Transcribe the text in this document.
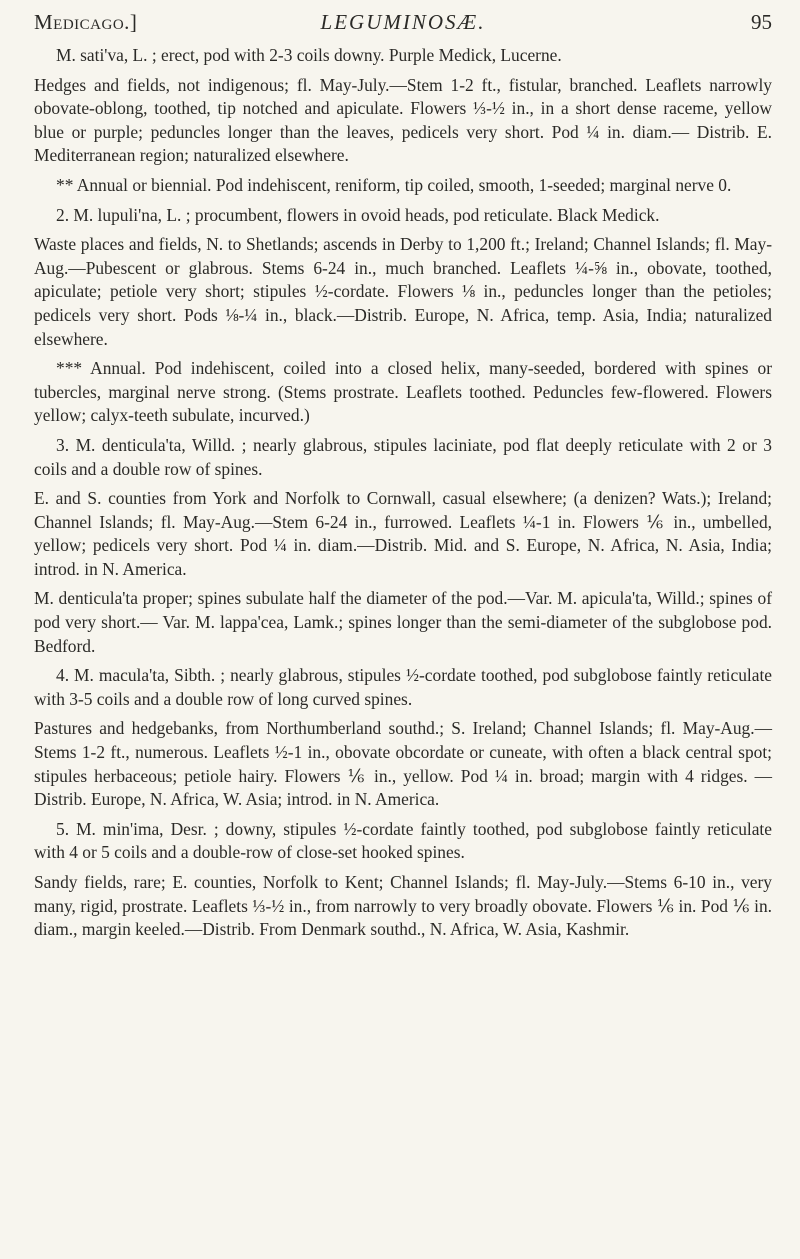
Medicago.]	LEGUMINOSÆ.	95

M. sati'va, L. ; erect, pod with 2-3 coils downy. Purple Medick, Lucerne.

Hedges and fields, not indigenous; fl. May-July.—Stem 1-2 ft., fistular, branched. Leaflets narrowly obovate-oblong, toothed, tip notched and apiculate. Flowers ⅓-½ in., in a short dense raceme, yellow blue or purple; peduncles longer than the leaves, pedicels very short. Pod ¼ in. diam.— Distrib. E. Mediterranean region; naturalized elsewhere.

** Annual or biennial. Pod indehiscent, reniform, tip coiled, smooth, 1-seeded; marginal nerve 0.

2. M. lupuli'na, L. ; procumbent, flowers in ovoid heads, pod reticulate. Black Medick.

Waste places and fields, N. to Shetlands; ascends in Derby to 1,200 ft.; Ireland; Channel Islands; fl. May-Aug.—Pubescent or glabrous. Stems 6-24 in., much branched. Leaflets ¼-⅝ in., obovate, toothed, apiculate; petiole very short; stipules ½-cordate. Flowers ⅛ in., peduncles longer than the petioles; pedicels very short. Pods ⅛-¼ in., black.—Distrib. Europe, N. Africa, temp. Asia, India; naturalized elsewhere.

*** Annual. Pod indehiscent, coiled into a closed helix, many-seeded, bordered with spines or tubercles, marginal nerve strong. (Stems prostrate. Leaflets toothed. Peduncles few-flowered. Flowers yellow; calyx-teeth subulate, incurved.)

3. M. denticula'ta, Willd. ; nearly glabrous, stipules laciniate, pod flat deeply reticulate with 2 or 3 coils and a double row of spines.

E. and S. counties from York and Norfolk to Cornwall, casual elsewhere; (a denizen? Wats.); Ireland; Channel Islands; fl. May-Aug.—Stem 6-24 in., furrowed. Leaflets ¼-1 in. Flowers ⅙ in., umbelled, yellow; pedicels very short. Pod ¼ in. diam.—Distrib. Mid. and S. Europe, N. Africa, N. Asia, India; introd. in N. America.

M. denticula'ta proper; spines subulate half the diameter of the pod.—Var. M. apicula'ta, Willd.; spines of pod very short.— Var. M. lappa'cea, Lamk.; spines longer than the semi-diameter of the subglobose pod. Bedford.

4. M. macula'ta, Sibth. ; nearly glabrous, stipules ½-cordate toothed, pod subglobose faintly reticulate with 3-5 coils and a double row of long curved spines.

Pastures and hedgebanks, from Northumberland southd.; S. Ireland; Channel Islands; fl. May-Aug.—Stems 1-2 ft., numerous. Leaflets ½-1 in., obovate obcordate or cuneate, with often a black central spot; stipules herbaceous; petiole hairy. Flowers ⅙ in., yellow. Pod ¼ in. broad; margin with 4 ridges. —Distrib. Europe, N. Africa, W. Asia; introd. in N. America.

5. M. min'ima, Desr. ; downy, stipules ½-cordate faintly toothed, pod subglobose faintly reticulate with 4 or 5 coils and a double-row of close-set hooked spines.

Sandy fields, rare; E. counties, Norfolk to Kent; Channel Islands; fl. May-July.—Stems 6-10 in., very many, rigid, prostrate. Leaflets ⅓-½ in., from narrowly to very broadly obovate. Flowers ⅙ in. Pod ⅙ in. diam., margin keeled.—Distrib. From Denmark southd., N. Africa, W. Asia, Kashmir.
